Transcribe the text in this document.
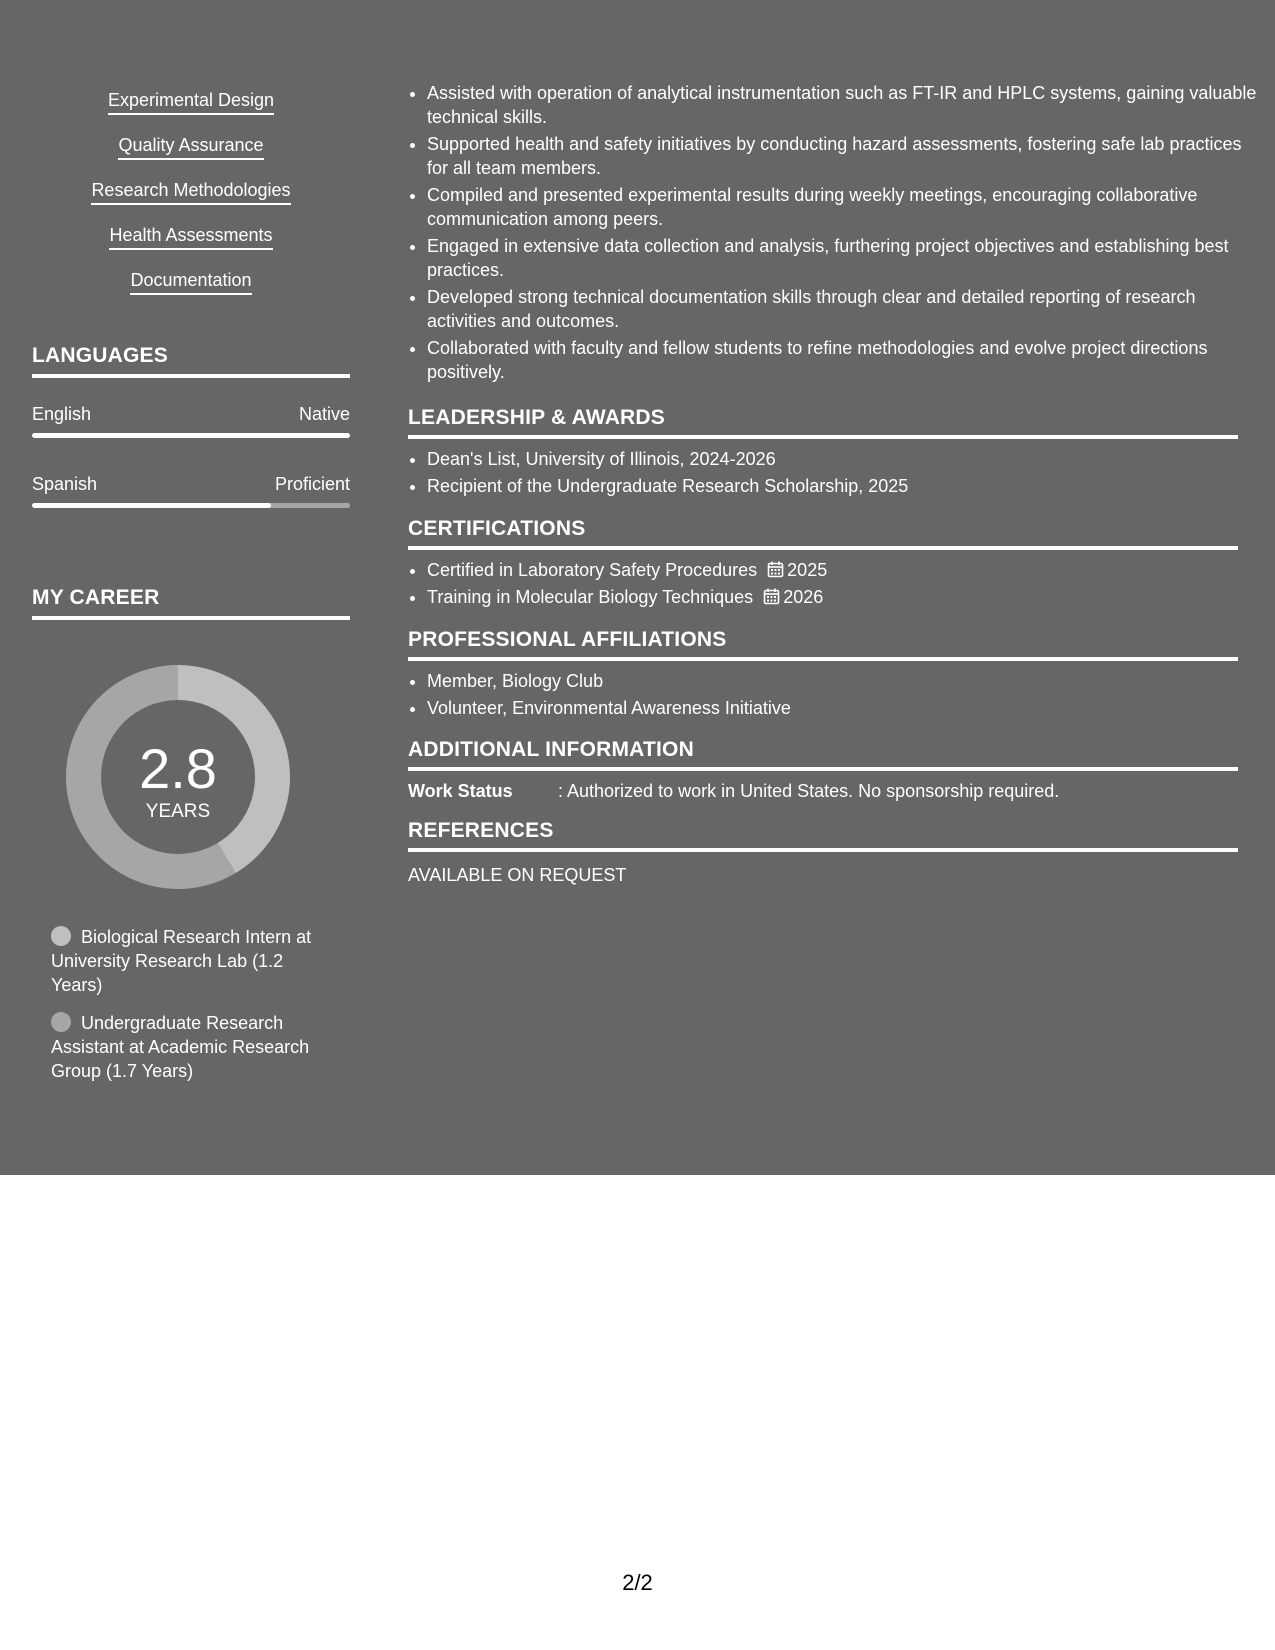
Experimental Design
Quality Assurance
Research Methodologies
Health Assessments
Documentation
LANGUAGES
English	Native
Spanish	Proficient
MY CAREER
2.8
YEARS
Biological Research Intern at University Research Lab (1.2 Years)
Undergraduate Research Assistant at Academic Research Group (1.7 Years)
• Assisted with operation of analytical instrumentation such as FT-IR and HPLC systems, gaining valuable technical skills.
• Supported health and safety initiatives by conducting hazard assessments, fostering safe lab practices for all team members.
• Compiled and presented experimental results during weekly meetings, encouraging collaborative communication among peers.
• Engaged in extensive data collection and analysis, furthering project objectives and establishing best practices.
• Developed strong technical documentation skills through clear and detailed reporting of research activities and outcomes.
• Collaborated with faculty and fellow students to refine methodologies and evolve project directions positively.
LEADERSHIP & AWARDS
• Dean's List, University of Illinois, 2024-2026
• Recipient of the Undergraduate Research Scholarship, 2025
CERTIFICATIONS
• Certified in Laboratory Safety Procedures 2025
• Training in Molecular Biology Techniques 2026
PROFESSIONAL AFFILIATIONS
• Member, Biology Club
• Volunteer, Environmental Awareness Initiative
ADDITIONAL INFORMATION
Work Status	: Authorized to work in United States. No sponsorship required.
REFERENCES
AVAILABLE ON REQUEST
2/2
